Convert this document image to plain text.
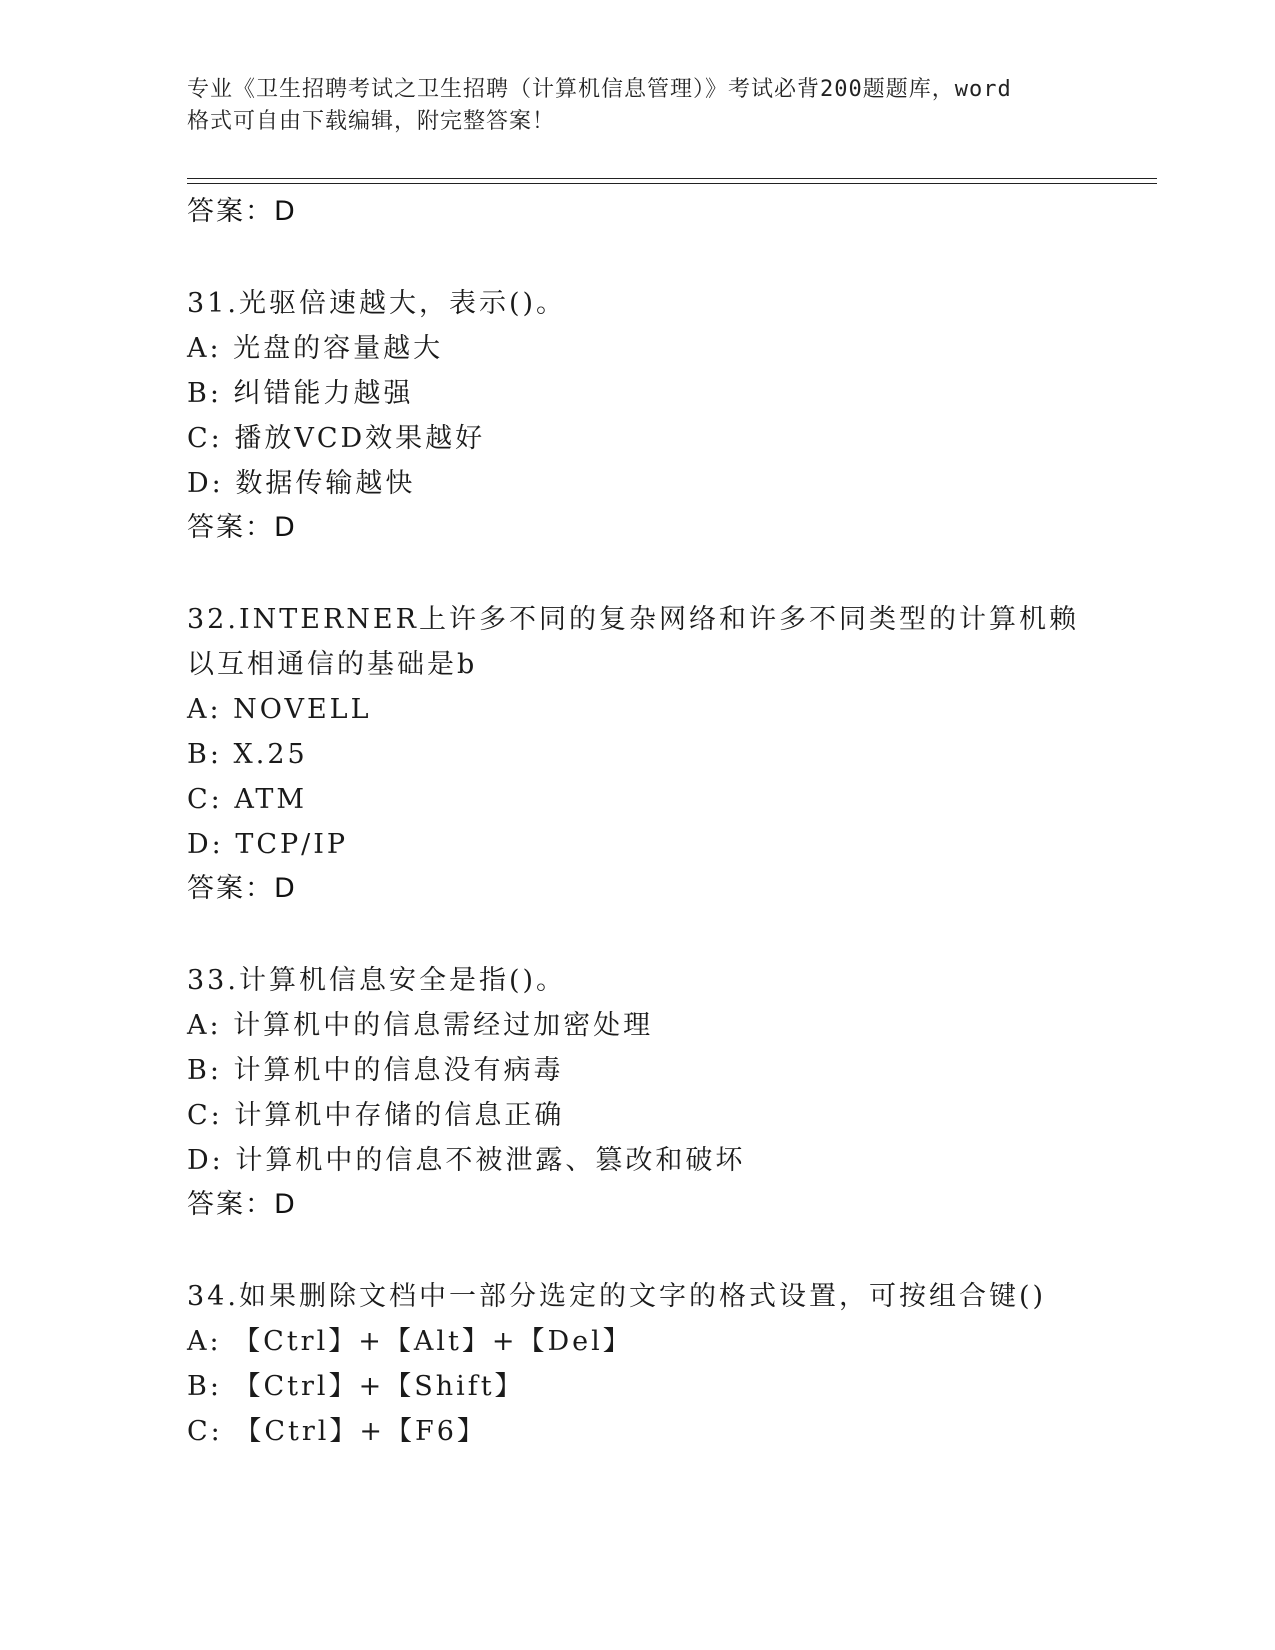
专业《卫生招聘考试之卫生招聘（计算机信息管理）》考试必背200题题库，word
格式可自由下载编辑，附完整答案！
答案：D
31.光驱倍速越大，表示()。
A: 光盘的容量越大
B: 纠错能力越强
C: 播放VCD效果越好
D: 数据传输越快
答案：D
32.INTERNER上许多不同的复杂网络和许多不同类型的计算机赖以互相通信的基础是b
A: NOVELL
B: X.25
C: ATM
D: TCP/IP
答案：D
33.计算机信息安全是指()。
A: 计算机中的信息需经过加密处理
B: 计算机中的信息没有病毒
C: 计算机中存储的信息正确
D: 计算机中的信息不被泄露、篡改和破坏
答案：D
34.如果删除文档中一部分选定的文字的格式设置，可按组合键()
A: 【Ctrl】+【Alt】+【Del】
B: 【Ctrl】+【Shift】
C: 【Ctrl】+【F6】
